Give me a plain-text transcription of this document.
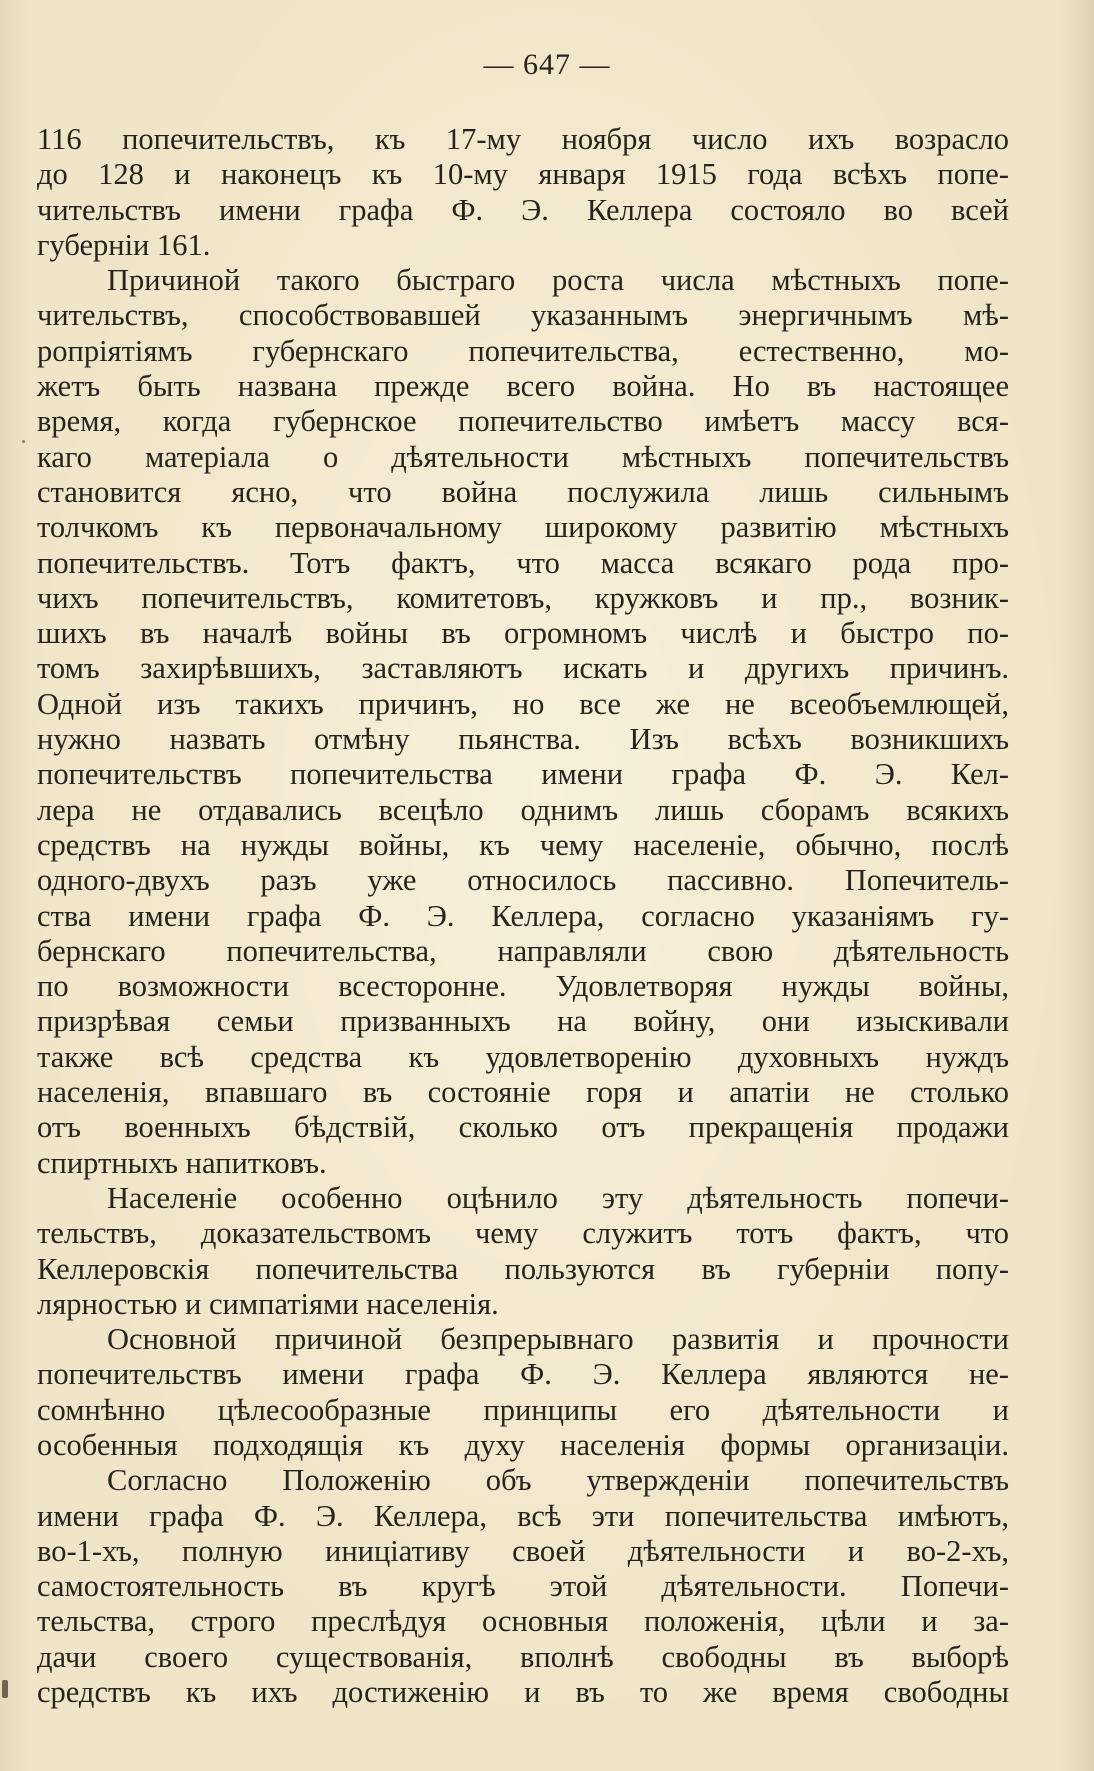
— 647 —
116 попечительствъ, къ 17-му ноября число ихъ возрасло
до 128 и наконецъ къ 10-му января 1915 года всѣхъ попе-
чительствъ имени графа Ф. Э. Келлера состояло во всей
губерніи 161.
Причиной такого быстраго роста числа мѣстныхъ попе-
чительствъ, способствовавшей указаннымъ энергичнымъ мѣ-
ропріятіямъ губернскаго попечительства, естественно, мо-
жетъ быть названа прежде всего война. Но въ настоящее
время, когда губернское попечительство имѣетъ массу вся-
каго матеріала о дѣятельности мѣстныхъ попечительствъ
становится ясно, что война послужила лишь сильнымъ
толчкомъ къ первоначальному широкому развитію мѣстныхъ
попечительствъ. Тотъ фактъ, что масса всякаго рода про-
чихъ попечительствъ, комитетовъ, кружковъ и пр., возник-
шихъ въ началѣ войны въ огромномъ числѣ и быстро по-
томъ захирѣвшихъ, заставляютъ искать и другихъ причинъ.
Одной изъ такихъ причинъ, но все же не всеобъемлющей,
нужно назвать отмѣну пьянства. Изъ всѣхъ возникшихъ
попечительствъ попечительства имени графа Ф. Э. Кел-
лера не отдавались всецѣло однимъ лишь сборамъ всякихъ
средствъ на нужды войны, къ чему населеніе, обычно, послѣ
одного-двухъ разъ уже относилось пассивно. Попечитель-
ства имени графа Ф. Э. Келлера, согласно указаніямъ гу-
бернскаго попечительства, направляли свою дѣятельность
по возможности всесторонне. Удовлетворяя нужды войны,
призрѣвая семьи призванныхъ на войну, они изыскивали
также всѣ средства къ удовлетворенію духовныхъ нуждъ
населенія, впавшаго въ состояніе горя и апатіи не столько
отъ военныхъ бѣдствій, сколько отъ прекращенія продажи
спиртныхъ напитковъ.
Населеніе особенно оцѣнило эту дѣятельность попечи-
тельствъ, доказательствомъ чему служитъ тотъ фактъ, что
Келлеровскія попечительства пользуются въ губерніи попу-
лярностью и симпатіями населенія.
Основной причиной безпрерывнаго развитія и прочности
попечительствъ имени графа Ф. Э. Келлера являются не-
сомнѣнно цѣлесообразные принципы его дѣятельности и
особенныя подходящія къ духу населенія формы организаціи.
Согласно Положенію объ утвержденіи попечительствъ
имени графа Ф. Э. Келлера, всѣ эти попечительства имѣютъ,
во-1-хъ, полную иниціативу своей дѣятельности и во-2-хъ,
самостоятельность въ кругѣ этой дѣятельности. Попечи-
тельства, строго преслѣдуя основныя положенія, цѣли и за-
дачи своего существованія, вполнѣ свободны въ выборѣ
средствъ къ ихъ достиженію и въ то же время свободны
